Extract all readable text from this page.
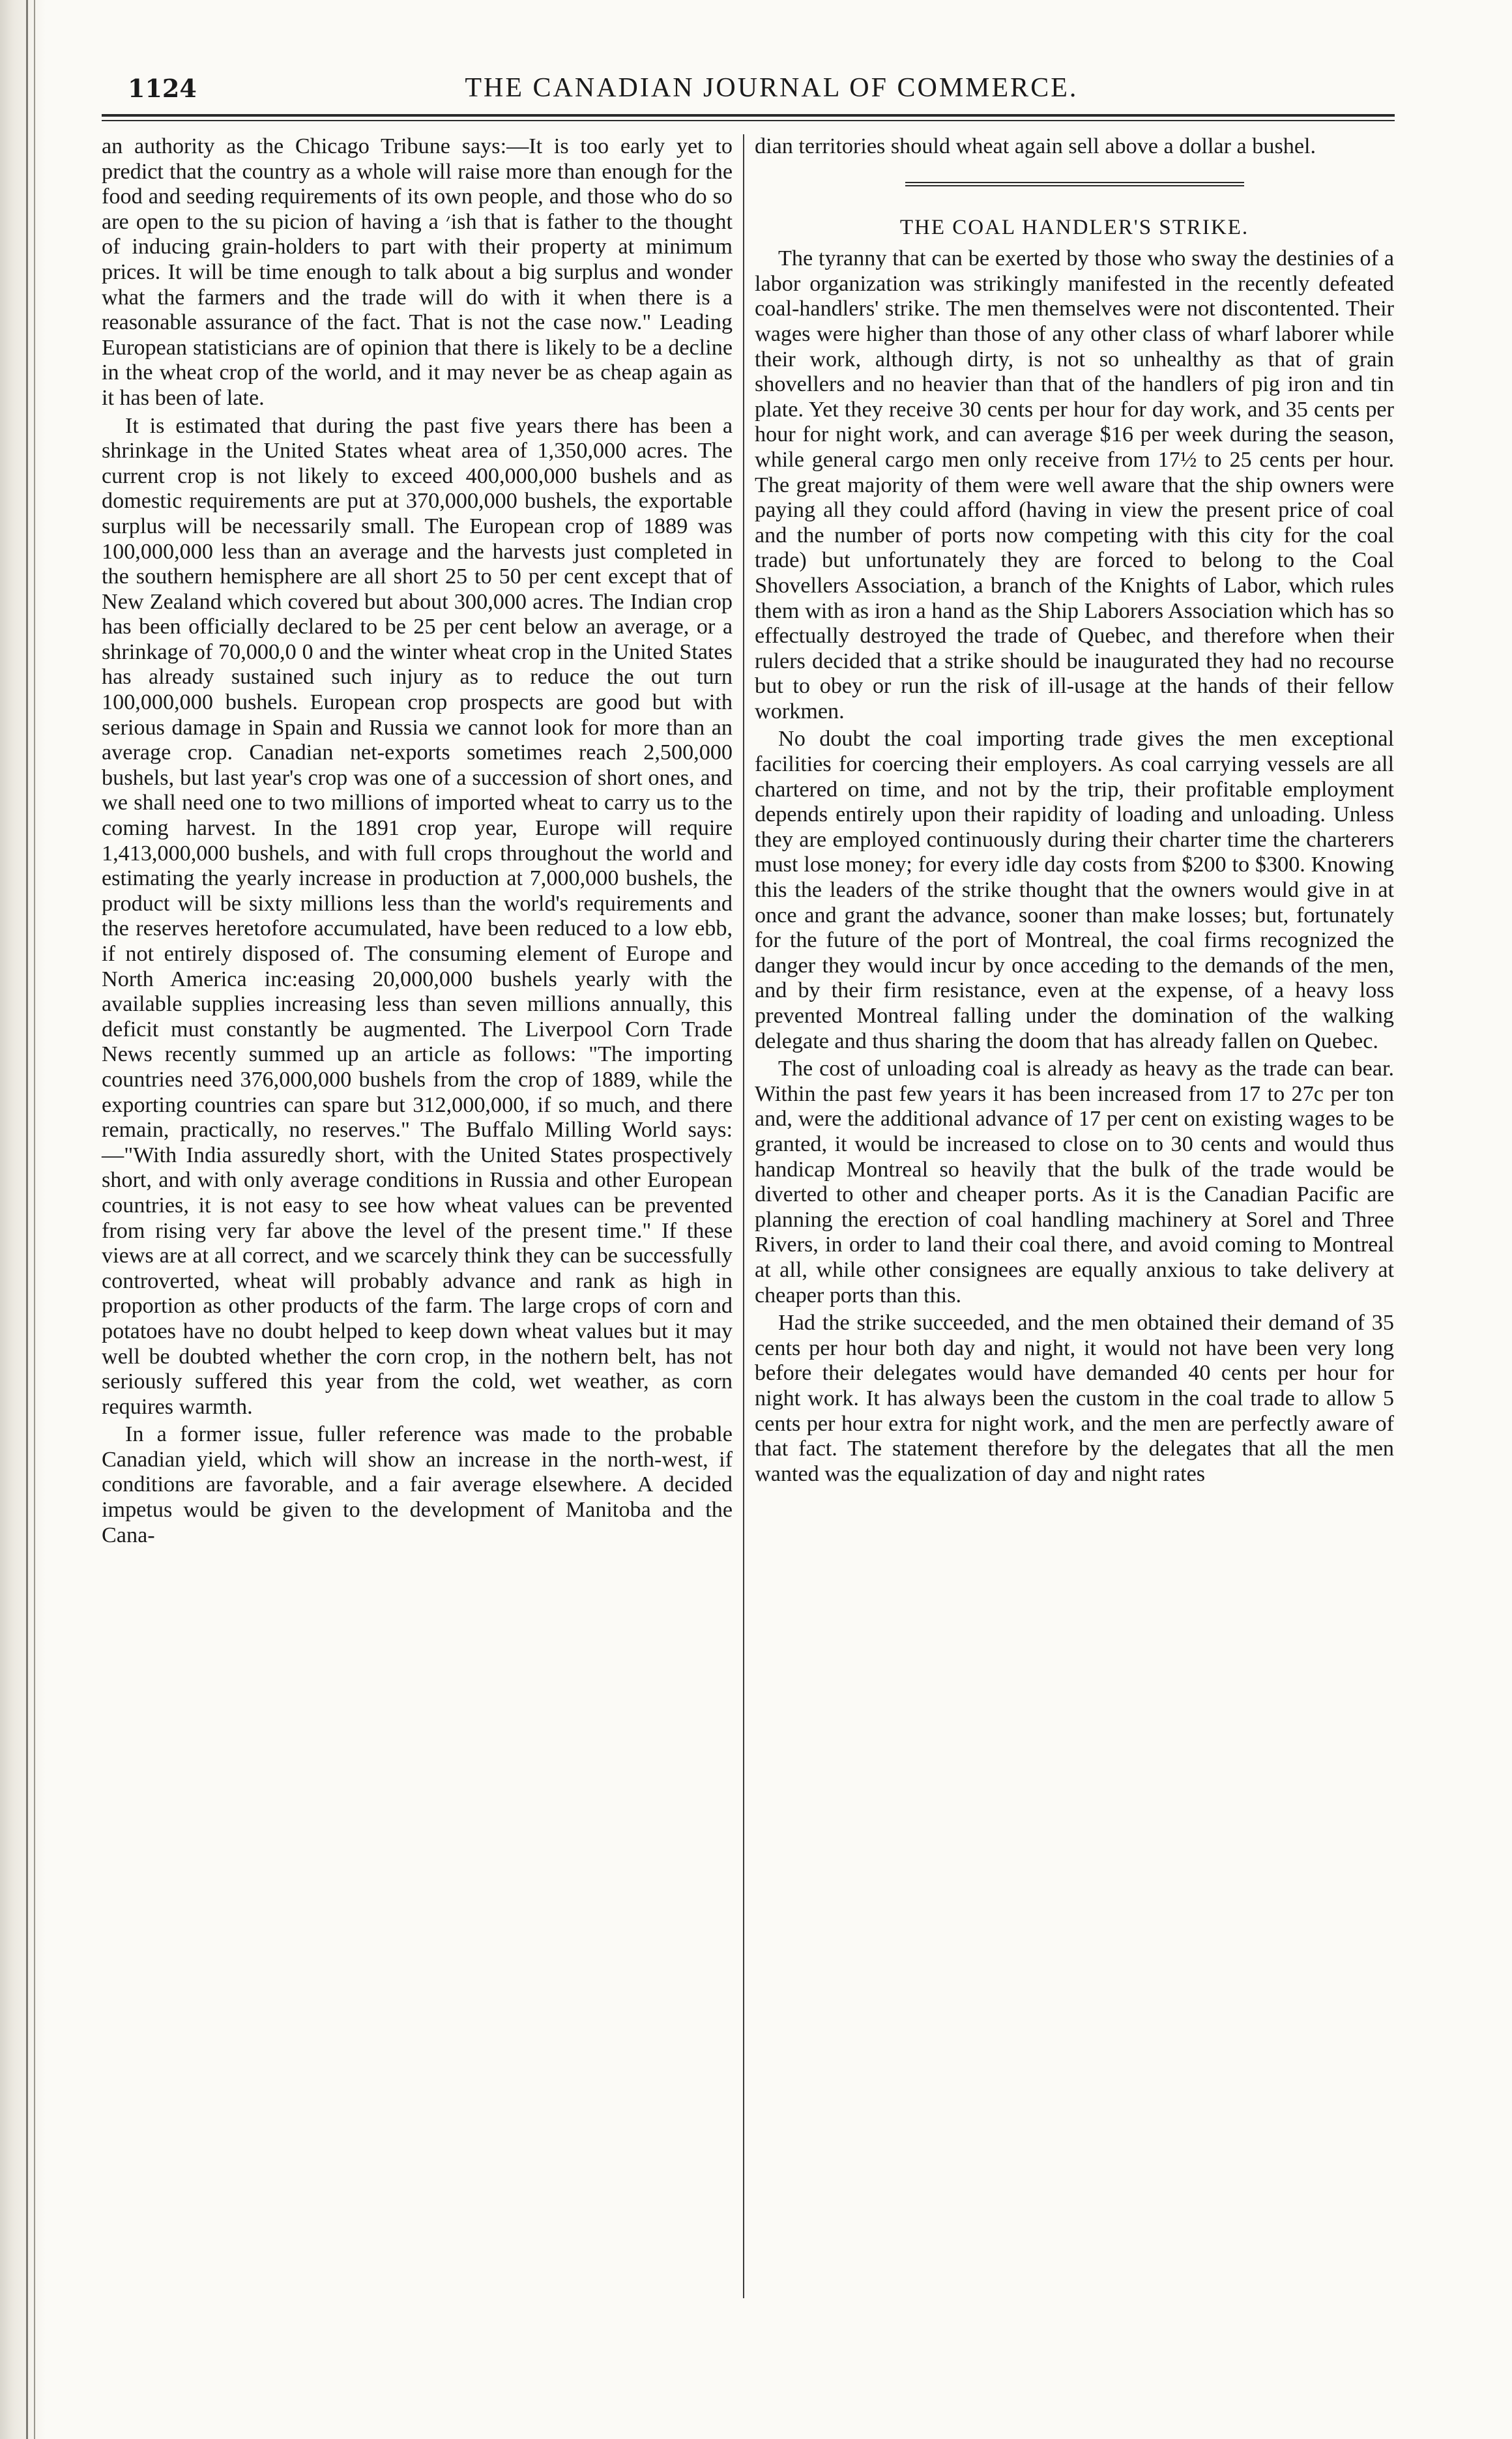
1124	THE CANADIAN JOURNAL OF COMMERCE.

an authority as the Chicago Tribune says:—It is too early yet to predict that the country as a whole will raise more than enough for the food and seeding requirements of its own people, and those who do so are open to the su picion of having a ׳ish that is father to the thought of inducing grain-holders to part with their property at minimum prices. It will be time enough to talk about a big surplus and wonder what the farmers and the trade will do with it when there is a reasonable assurance of the fact. That is not the case now." Leading European statisticians are of opinion that there is likely to be a decline in the wheat crop of the world, and it may never be as cheap again as it has been of late.

It is estimated that during the past five years there has been a shrinkage in the United States wheat area of 1,350,000 acres. The current crop is not likely to exceed 400,000,000 bushels and as domestic requirements are put at 370,000,000 bushels, the exportable surplus will be necessarily small. The European crop of 1889 was 100,000,000 less than an average and the harvests just completed in the southern hemisphere are all short 25 to 50 per cent except that of New Zealand which covered but about 300,000 acres. The Indian crop has been officially declared to be 25 per cent below an average, or a shrinkage of 70,000,0 0 and the winter wheat crop in the United States has already sustained such injury as to reduce the out turn 100,000,000 bushels. European crop prospects are good but with serious damage in Spain and Russia we cannot look for more than an average crop. Canadian net-exports sometimes reach 2,500,000 bushels, but last year's crop was one of a succession of short ones, and we shall need one to two millions of imported wheat to carry us to the coming harvest. In the 1891 crop year, Europe will require 1,413,000,000 bushels, and with full crops throughout the world and estimating the yearly increase in production at 7,000,000 bushels, the product will be sixty millions less than the world's requirements and the reserves heretofore accumulated, have been reduced to a low ebb, if not entirely disposed of. The consuming element of Europe and North America inc:easing 20,000,000 bushels yearly with the available supplies increasing less than seven millions annually, this deficit must constantly be augmented. The Liverpool Corn Trade News recently summed up an article as follows: "The importing countries need 376,000,000 bushels from the crop of 1889, while the exporting countries can spare but 312,000,000, if so much, and there remain, practically, no reserves." The Buffalo Milling World says:—"With India assuredly short, with the United States prospectively short, and with only average conditions in Russia and other European countries, it is not easy to see how wheat values can be prevented from rising very far above the level of the present time." If these views are at all correct, and we scarcely think they can be successfully controverted, wheat will probably advance and rank as high in proportion as other products of the farm. The large crops of corn and potatoes have no doubt helped to keep down wheat values but it may well be doubted whether the corn crop, in the nothern belt, has not seriously suffered this year from the cold, wet weather, as corn requires warmth.

In a former issue, fuller reference was made to the probable Canadian yield, which will show an increase in the north-west, if conditions are favorable, and a fair average elsewhere. A decided impetus would be given to the development of Manitoba and the Cana-

dian territories should wheat again sell above a dollar a bushel.

THE COAL HANDLER'S STRIKE.

The tyranny that can be exerted by those who sway the destinies of a labor organization was strikingly manifested in the recently defeated coal-handlers' strike. The men themselves were not discontented. Their wages were higher than those of any other class of wharf laborer while their work, although dirty, is not so unhealthy as that of grain shovellers and no heavier than that of the handlers of pig iron and tin plate. Yet they receive 30 cents per hour for day work, and 35 cents per hour for night work, and can average $16 per week during the season, while general cargo men only receive from 17½ to 25 cents per hour. The great majority of them were well aware that the ship owners were paying all they could afford (having in view the present price of coal and the number of ports now competing with this city for the coal trade) but unfortunately they are forced to belong to the Coal Shovellers Association, a branch of the Knights of Labor, which rules them with as iron a hand as the Ship Laborers Association which has so effectually destroyed the trade of Quebec, and therefore when their rulers decided that a strike should be inaugurated they had no recourse but to obey or run the risk of ill-usage at the hands of their fellow workmen.

No doubt the coal importing trade gives the men exceptional facilities for coercing their employers. As coal carrying vessels are all chartered on time, and not by the trip, their profitable employment depends entirely upon their rapidity of loading and unloading. Unless they are employed continuously during their charter time the charterers must lose money; for every idle day costs from $200 to $300. Knowing this the leaders of the strike thought that the owners would give in at once and grant the advance, sooner than make losses; but, fortunately for the future of the port of Montreal, the coal firms recognized the danger they would incur by once acceding to the demands of the men, and by their firm resistance, even at the expense, of a heavy loss prevented Montreal falling under the domination of the walking delegate and thus sharing the doom that has already fallen on Quebec.

The cost of unloading coal is already as heavy as the trade can bear. Within the past few years it has been increased from 17 to 27c per ton and, were the additional advance of 17 per cent on existing wages to be granted, it would be increased to close on to 30 cents and would thus handicap Montreal so heavily that the bulk of the trade would be diverted to other and cheaper ports. As it is the Canadian Pacific are planning the erection of coal handling machinery at Sorel and Three Rivers, in order to land their coal there, and avoid coming to Montreal at all, while other consignees are equally anxious to take delivery at cheaper ports than this.

Had the strike succeeded, and the men obtained their demand of 35 cents per hour both day and night, it would not have been very long before their delegates would have demanded 40 cents per hour for night work. It has always been the custom in the coal trade to allow 5 cents per hour extra for night work, and the men are perfectly aware of that fact. The statement therefore by the delegates that all the men wanted was the equalization of day and night rates
